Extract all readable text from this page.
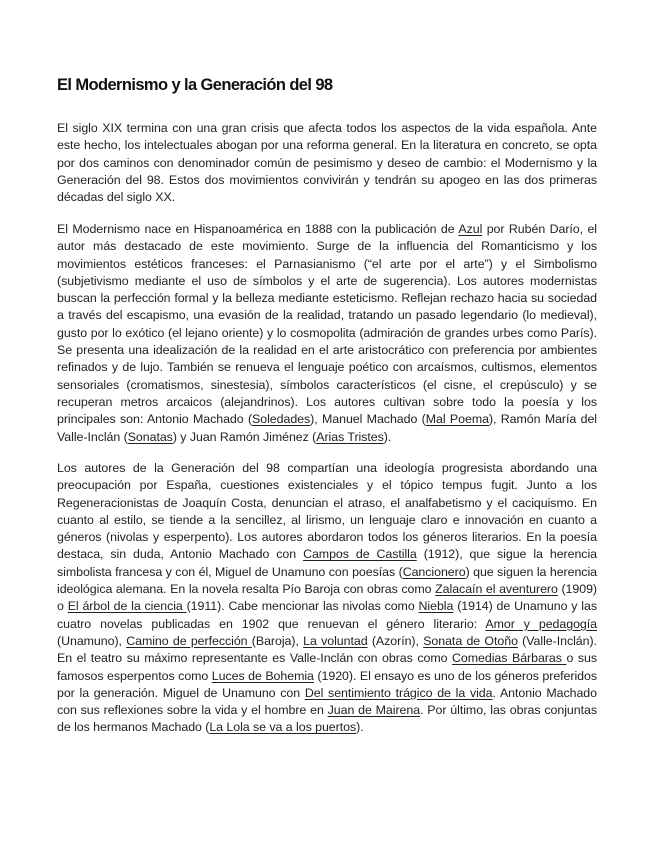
El Modernismo y la Generación del 98

El siglo XIX termina con una gran crisis que afecta todos los aspectos de la vida española. Ante este hecho, los intelectuales abogan por una reforma general. En la literatura en concreto, se opta por dos caminos con denominador común de pesimismo y deseo de cambio: el Modernismo y la Generación del 98. Estos dos movimientos convivirán y tendrán su apogeo en las dos primeras décadas del siglo XX.

El Modernismo nace en Hispanoamérica en 1888 con la publicación de Azul por Rubén Darío, el autor más destacado de este movimiento. Surge de la influencia del Romanticismo y los movimientos estéticos franceses: el Parnasianismo (“el arte por el arte”) y el Simbolismo (subjetivismo mediante el uso de símbolos y el arte de sugerencia). Los autores modernistas buscan la perfección formal y la belleza mediante esteticismo. Reflejan rechazo hacia su sociedad a través del escapismo, una evasión de la realidad, tratando un pasado legendario (lo medieval), gusto por lo exótico (el lejano oriente) y lo cosmopolita (admiración de grandes urbes como París). Se presenta una idealización de la realidad en el arte aristocrático con preferencia por ambientes refinados y de lujo. También se renueva el lenguaje poético con arcaísmos, cultismos, elementos sensoriales (cromatismos, sinestesia), símbolos característicos (el cisne, el crepúsculo) y se recuperan metros arcaicos (alejandrinos). Los autores cultivan sobre todo la poesía y los principales son: Antonio Machado (Soledades), Manuel Machado (Mal Poema), Ramón María del Valle-Inclán (Sonatas) y Juan Ramón Jiménez (Arias Tristes).

Los autores de la Generación del 98 compartían una ideología progresista abordando una preocupación por España, cuestiones existenciales y el tópico tempus fugit. Junto a los Regeneracionistas de Joaquín Costa, denuncian el atraso, el analfabetismo y el caciquismo. En cuanto al estilo, se tiende a la sencillez, al lirismo, un lenguaje claro e innovación en cuanto a géneros (nivolas y esperpento). Los autores abordaron todos los géneros literarios. En la poesía destaca, sin duda, Antonio Machado con Campos de Castilla (1912), que sigue la herencia simbolista francesa y con él, Miguel de Unamuno con poesías (Cancionero) que siguen la herencia ideológica alemana. En la novela resalta Pío Baroja con obras como Zalacaín el aventurero (1909) o El árbol de la ciencia (1911). Cabe mencionar las nivolas como Niebla (1914) de Unamuno y las cuatro novelas publicadas en 1902 que renuevan el género literario: Amor y pedagogía (Unamuno), Camino de perfección (Baroja), La voluntad (Azorín), Sonata de Otoño (Valle-Inclán). En el teatro su máximo representante es Valle-Inclán con obras como Comedias Bárbaras o sus famosos esperpentos como Luces de Bohemia (1920). El ensayo es uno de los géneros preferidos por la generación. Miguel de Unamuno con Del sentimiento trágico de la vida. Antonio Machado con sus reflexiones sobre la vida y el hombre en Juan de Mairena. Por último, las obras conjuntas de los hermanos Machado (La Lola se va a los puertos).
